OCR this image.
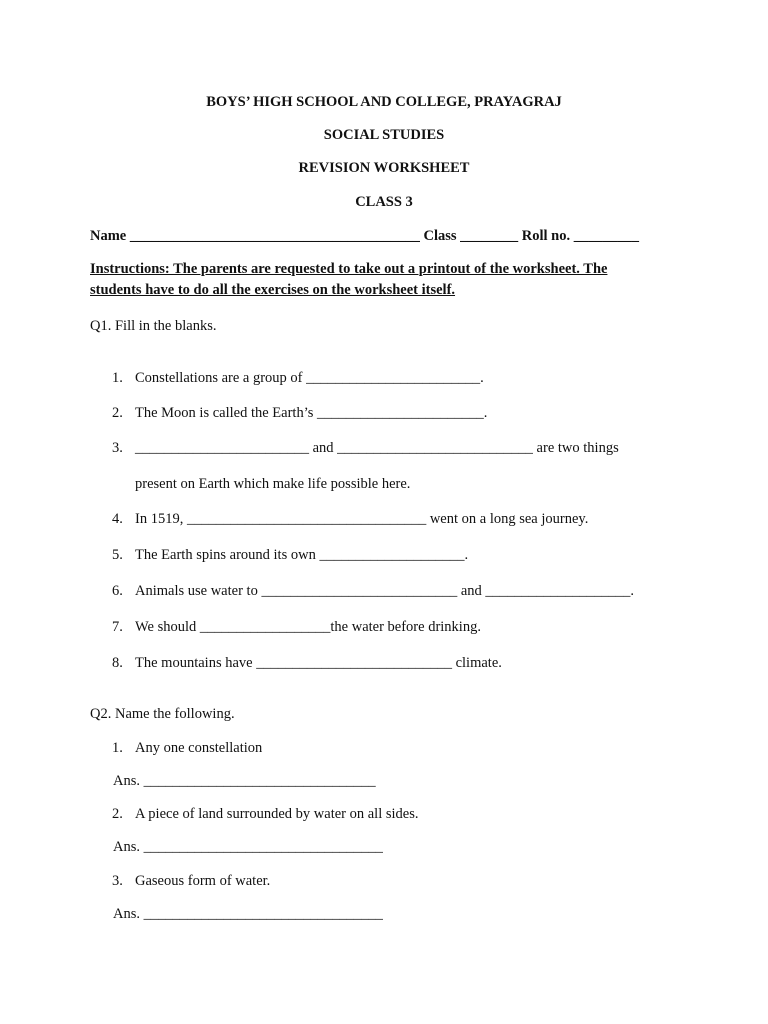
BOYS’ HIGH SCHOOL AND COLLEGE, PRAYAGRAJ
SOCIAL STUDIES
REVISION WORKSHEET
CLASS 3
Name ________________________________________ Class ________ Roll no. _________
Instructions: The parents are requested to take out a printout of the worksheet. The
students have to do all the exercises on the worksheet itself.
Q1. Fill in the blanks.
1. Constellations are a group of ________________________.
2. The Moon is called the Earth’s _______________________.
3. ________________________ and ___________________________ are two things
present on Earth which make life possible here.
4. In 1519, _________________________________ went on a long sea journey.
5. The Earth spins around its own ____________________.
6. Animals use water to ___________________________ and ____________________.
7. We should __________________the water before drinking.
8. The mountains have ___________________________ climate.
Q2. Name the following.
1. Any one constellation
Ans. ________________________________
2. A piece of land surrounded by water on all sides.
Ans. _________________________________
3. Gaseous form of water.
Ans. _________________________________
